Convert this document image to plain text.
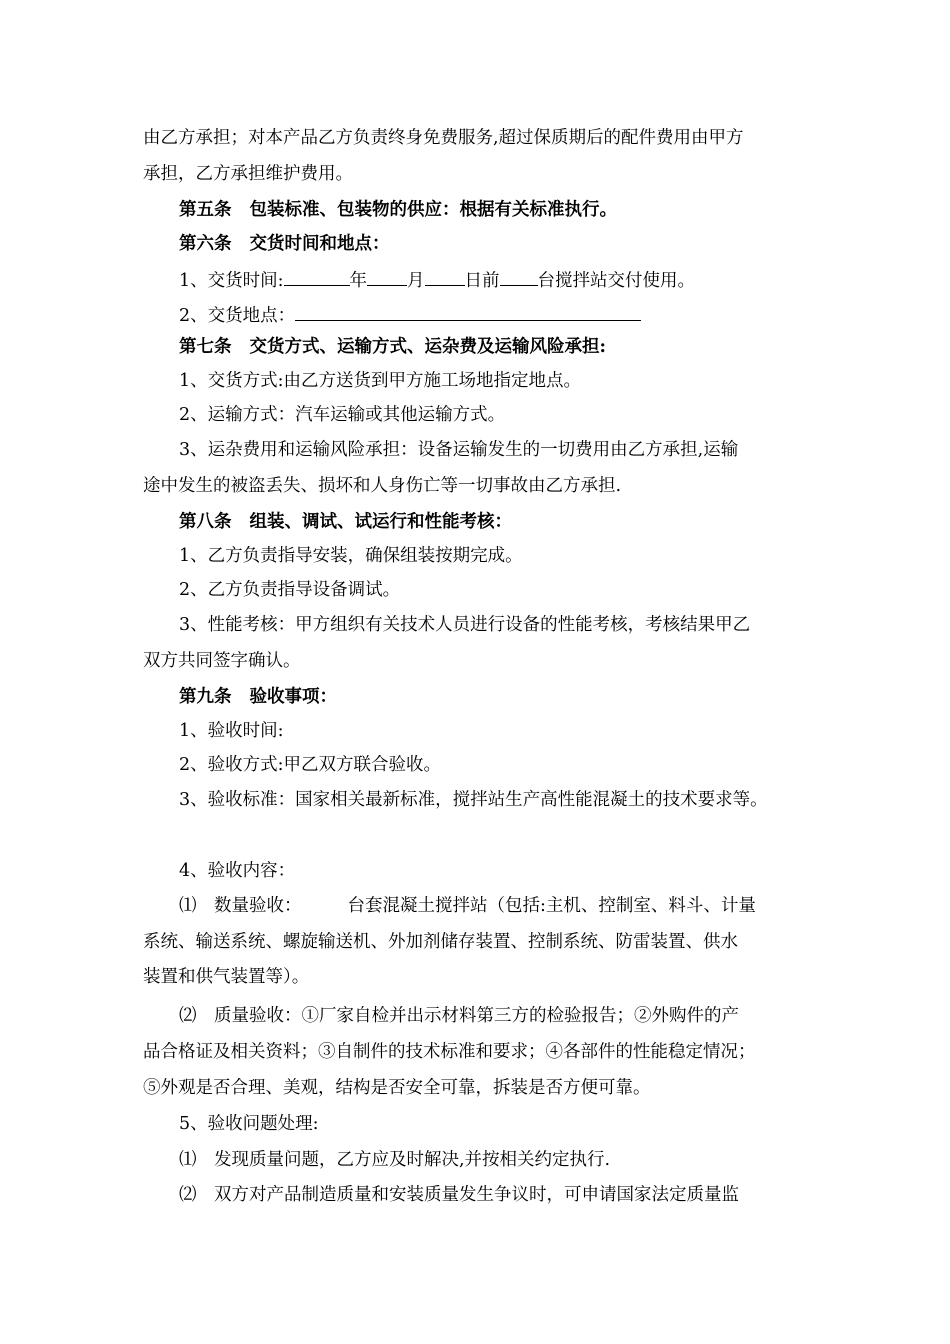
由乙方承担；对本产品乙方负责终身免费服务,超过保质期后的配件费用由甲方
承担，乙方承担维护费用。
第五条 包装标准、包装物的供应：根据有关标准执行。
第六条 交货时间和地点：
1、交货时间:	年 月 日前 台搅拌站交付使用。
2、交货地点：
第七条 交货方式、运输方式、运杂费及运输风险承担:
1、交货方式:由乙方送货到甲方施工场地指定地点。
2、运输方式：汽车运输或其他运输方式。
3、运杂费用和运输风险承担：设备运输发生的一切费用由乙方承担,运输
途中发生的被盗丢失、损坏和人身伤亡等一切事故由乙方承担.
第八条 组装、调试、试运行和性能考核：
1、乙方负责指导安装，确保组装按期完成。
2、乙方负责指导设备调试。
3、性能考核：甲方组织有关技术人员进行设备的性能考核，考核结果甲乙
双方共同签字确认。
第九条 验收事项：
1、验收时间:
2、验收方式:甲乙双方联合验收。
3、验收标准：国家相关最新标准，搅拌站生产高性能混凝土的技术要求等。
4、验收内容：
⑴　数量验收：	台套混凝土搅拌站（包括:主机、控制室、料斗、计量
系统、输送系统、螺旋输送机、外加剂储存装置、控制系统、防雷装置、供水
装置和供气装置等）。
⑵　质量验收：①厂家自检并出示材料第三方的检验报告；②外购件的产
品合格证及相关资料；③自制件的技术标准和要求；④各部件的性能稳定情况；
⑤外观是否合理、美观，结构是否安全可靠，拆装是否方便可靠。
5、验收问题处理:
⑴　发现质量问题，乙方应及时解决,并按相关约定执行.
⑵　双方对产品制造质量和安装质量发生争议时，可申请国家法定质量监
